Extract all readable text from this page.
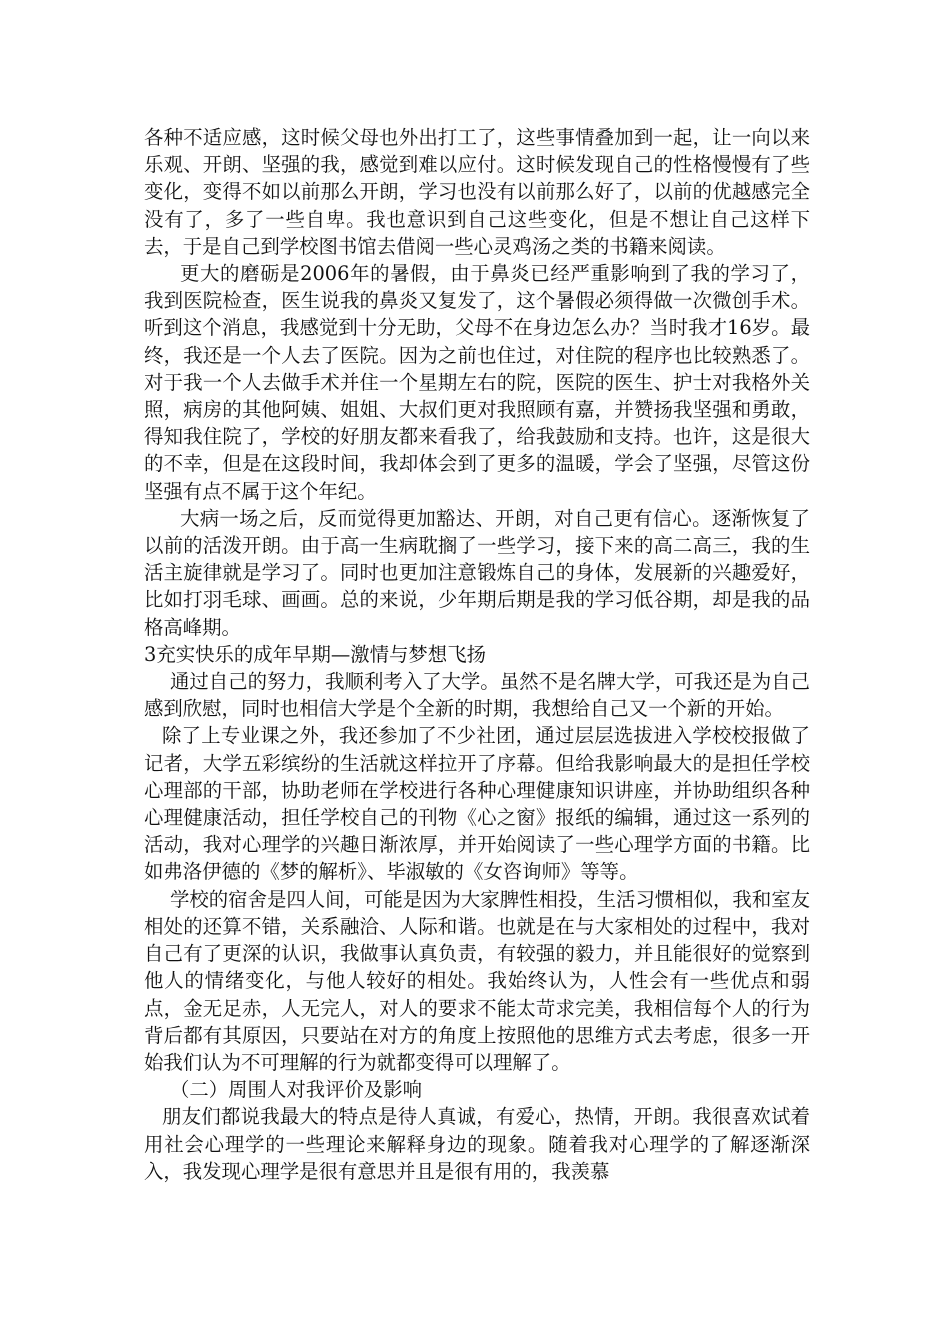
各种不适应感，这时候父母也外出打工了，这些事情叠加到一起，让一向以来乐观、开朗、坚强的我，感觉到难以应付。这时候发现自己的性格慢慢有了些变化，变得不如以前那么开朗，学习也没有以前那么好了，以前的优越感完全没有了，多了一些自卑。我也意识到自己这些变化，但是不想让自己这样下去，于是自己到学校图书馆去借阅一些心灵鸡汤之类的书籍来阅读。

更大的磨砺是2006年的暑假，由于鼻炎已经严重影响到了我的学习了，我到医院检查，医生说我的鼻炎又复发了，这个暑假必须得做一次微创手术。听到这个消息，我感觉到十分无助，父母不在身边怎么办？当时我才16岁。最终，我还是一个人去了医院。因为之前也住过，对住院的程序也比较熟悉了。对于我一个人去做手术并住一个星期左右的院，医院的医生、护士对我格外关照，病房的其他阿姨、姐姐、大叔们更对我照顾有嘉，并赞扬我坚强和勇敢，得知我住院了，学校的好朋友都来看我了，给我鼓励和支持。也许，这是很大的不幸，但是在这段时间，我却体会到了更多的温暖，学会了坚强，尽管这份坚强有点不属于这个年纪。

大病一场之后，反而觉得更加豁达、开朗，对自己更有信心。逐渐恢复了以前的活泼开朗。由于高一生病耽搁了一些学习，接下来的高二高三，我的生活主旋律就是学习了。同时也更加注意锻炼自己的身体，发展新的兴趣爱好，比如打羽毛球、画画。总的来说，少年期后期是我的学习低谷期，却是我的品格高峰期。

3充实快乐的成年早期—激情与梦想飞扬

通过自己的努力，我顺利考入了大学。虽然不是名牌大学，可我还是为自己感到欣慰，同时也相信大学是个全新的时期，我想给自己又一个新的开始。

除了上专业课之外，我还参加了不少社团，通过层层选拔进入学校校报做了记者，大学五彩缤纷的生活就这样拉开了序幕。但给我影响最大的是担任学校心理部的干部，协助老师在学校进行各种心理健康知识讲座，并协助组织各种心理健康活动，担任学校自己的刊物《心之窗》报纸的编辑，通过这一系列的活动，我对心理学的兴趣日渐浓厚，并开始阅读了一些心理学方面的书籍。比如弗洛伊德的《梦的解析》、毕淑敏的《女咨询师》等等。

学校的宿舍是四人间，可能是因为大家脾性相投，生活习惯相似，我和室友相处的还算不错，关系融洽、人际和谐。也就是在与大家相处的过程中，我对自己有了更深的认识，我做事认真负责，有较强的毅力，并且能很好的觉察到他人的情绪变化，与他人较好的相处。我始终认为，人性会有一些优点和弱点，金无足赤，人无完人，对人的要求不能太苛求完美，我相信每个人的行为背后都有其原因，只要站在对方的角度上按照他的思维方式去考虑，很多一开始我们认为不可理解的行为就都变得可以理解了。

（二）周围人对我评价及影响

朋友们都说我最大的特点是待人真诚，有爱心，热情，开朗。我很喜欢试着用社会心理学的一些理论来解释身边的现象。随着我对心理学的了解逐渐深入，我发现心理学是很有意思并且是很有用的，我羡慕
